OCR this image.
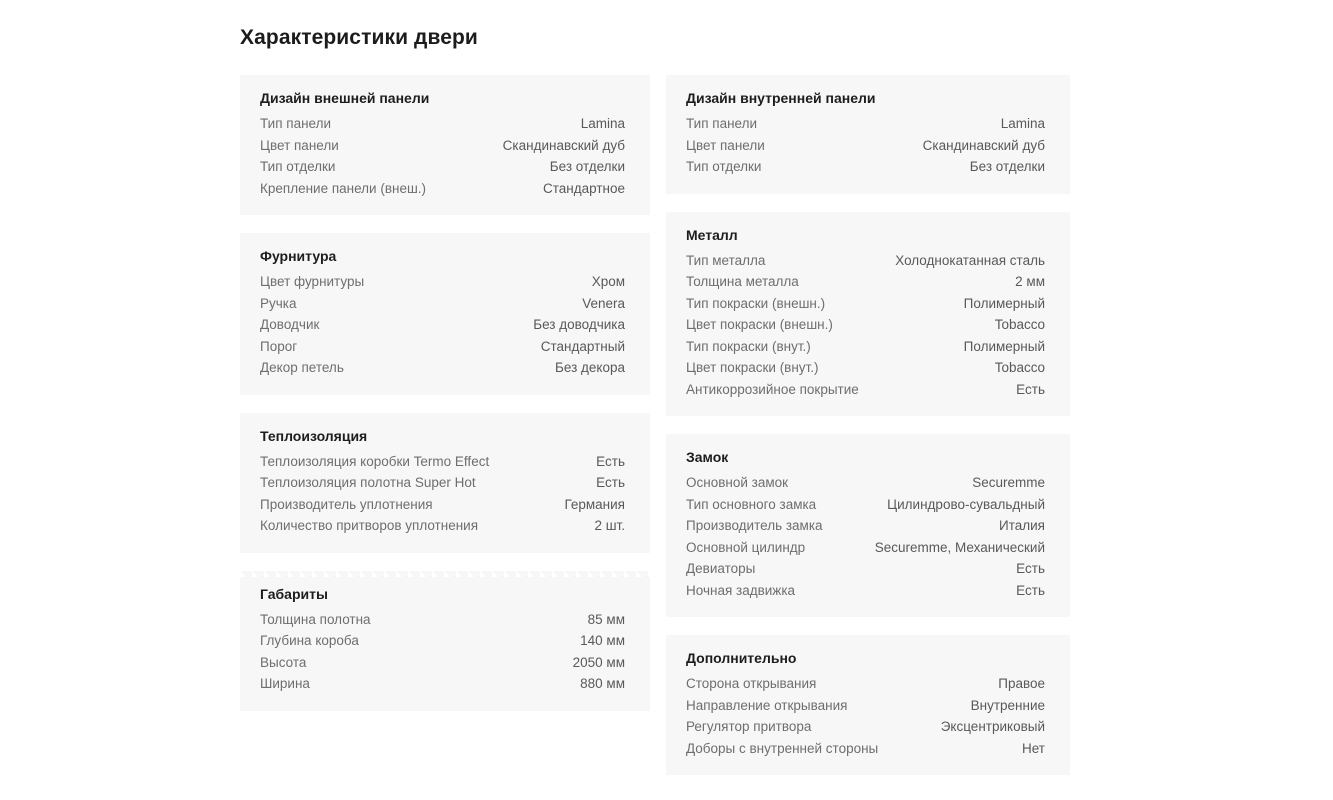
Характеристики двери
Дизайн внешней панели
Тип панели	Lamina
Цвет панели	Скандинавский дуб
Тип отделки	Без отделки
Крепление панели (внеш.)	Стандартное
Фурнитура
Цвет фурнитуры	Хром
Ручка	Venera
Доводчик	Без доводчика
Порог	Стандартный
Декор петель	Без декора
Теплоизоляция
Теплоизоляция коробки Termo Effect	Есть
Теплоизоляция полотна Super Hot	Есть
Производитель уплотнения	Германия
Количество притворов уплотнения	2 шт.
Габариты
Толщина полотна	85 мм
Глубина короба	140 мм
Высота	2050 мм
Ширина	880 мм
Дизайн внутренней панели
Тип панели	Lamina
Цвет панели	Скандинавский дуб
Тип отделки	Без отделки
Металл
Тип металла	Холоднокатанная сталь
Толщина металла	2 мм
Тип покраски (внешн.)	Полимерный
Цвет покраски (внешн.)	Tobacco
Тип покраски (внут.)	Полимерный
Цвет покраски (внут.)	Tobacco
Антикоррозийное покрытие	Есть
Замок
Основной замок	Securemme
Тип основного замка	Цилиндрово-сувальдный
Производитель замка	Италия
Основной цилиндр	Securemme, Механический
Девиаторы	Есть
Ночная задвижка	Есть
Дополнительно
Сторона открывания	Правое
Направление открывания	Внутренние
Регулятор притвора	Эксцентриковый
Доборы с внутренней стороны	Нет
